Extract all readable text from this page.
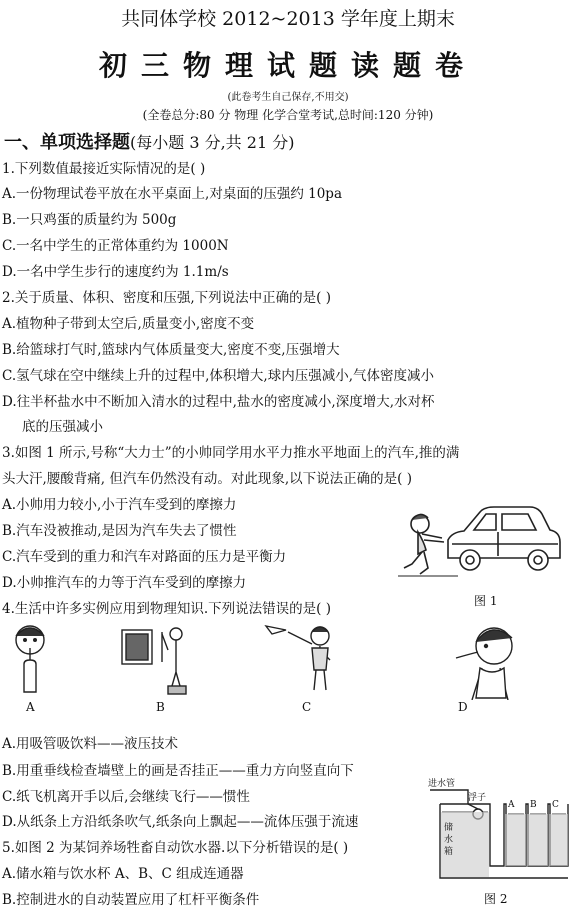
共同体学校 2012~2013 学年度上期末
初三物理试题读题卷
(此卷考生自己保存,不用交)
(全卷总分:80 分 物理 化学合堂考试,总时间:120 分钟)
一、单项选择题(每小题 3 分,共 21 分)
1.下列数值最接近实际情况的是( )
A.一份物理试卷平放在水平桌面上,对桌面的压强约 10pa
B.一只鸡蛋的质量约为 500g
C.一名中学生的正常体重约为 1000N
D.一名中学生步行的速度约为 1.1m/s
2.关于质量、体积、密度和压强,下列说法中正确的是( )
A.植物种子带到太空后,质量变小,密度不变
B.给篮球打气时,篮球内气体质量变大,密度不变,压强增大
C.氢气球在空中继续上升的过程中,体积增大,球内压强减小,气体密度减小
D.往半杯盐水中不断加入清水的过程中,盐水的密度减小,深度增大,水对杯
底的压强减小
3.如图 1 所示,号称“大力士”的小帅同学用水平力推水平地面上的汽车,推的满
头大汗,腰酸背痛, 但汽车仍然没有动。对此现象,以下说法正确的是( )
A.小帅用力较小,小于汽车受到的摩擦力
B.汽车没被推动,是因为汽车失去了惯性
C.汽车受到的重力和汽车对路面的压力是平衡力
D.小帅推汽车的力等于汽车受到的摩擦力
图 1
4.生活中许多实例应用到物理知识.下列说法错误的是( )
A	B	C	D
A.用吸管吸饮料——液压技术
B.用重垂线检查墙壁上的画是否挂正——重力方向竖直向下
C.纸飞机离开手以后,会继续飞行——惯性
D.从纸条上方沿纸条吹气,纸条向上飘起——流体压强于流速
5.如图 2 为某饲养场牲畜自动饮水器.以下分析错误的是( )
A.储水箱与饮水杯 A、B、C 组成连通器
B.控制进水的自动装置应用了杠杆平衡条件
进水管
浮子
储
水
箱
A B C
图 2
